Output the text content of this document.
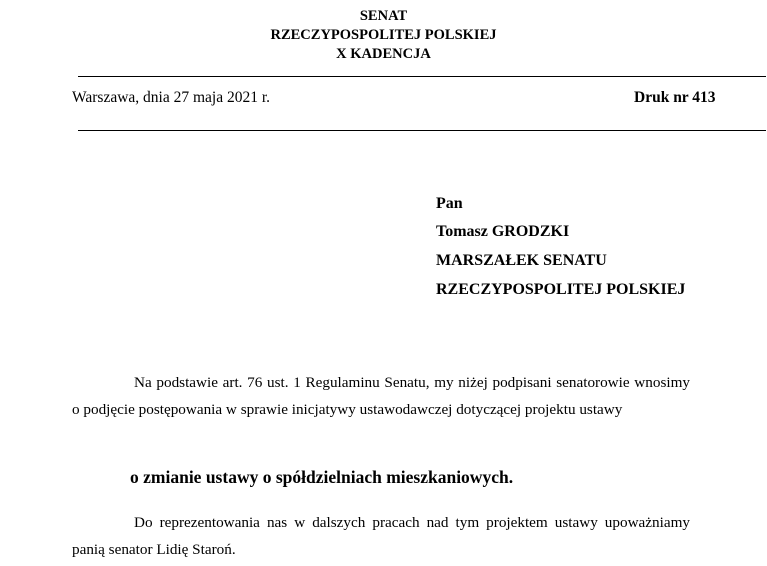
SENAT
RZECZYPOSPOLITEJ POLSKIEJ
X KADENCJA
Warszawa, dnia 27 maja 2021 r.	Druk nr 413
Pan
Tomasz GRODZKI
MARSZAŁEK SENATU
RZECZYPOSPOLITEJ POLSKIEJ
Na podstawie art. 76 ust. 1 Regulaminu Senatu, my niżej podpisani senatorowie wnosimy o podjęcie postępowania w sprawie inicjatywy ustawodawczej dotyczącej projektu ustawy
o zmianie ustawy o spółdzielniach mieszkaniowych.
Do reprezentowania nas w dalszych pracach nad tym projektem ustawy upoważniamy panią senator Lidię Staroń.
